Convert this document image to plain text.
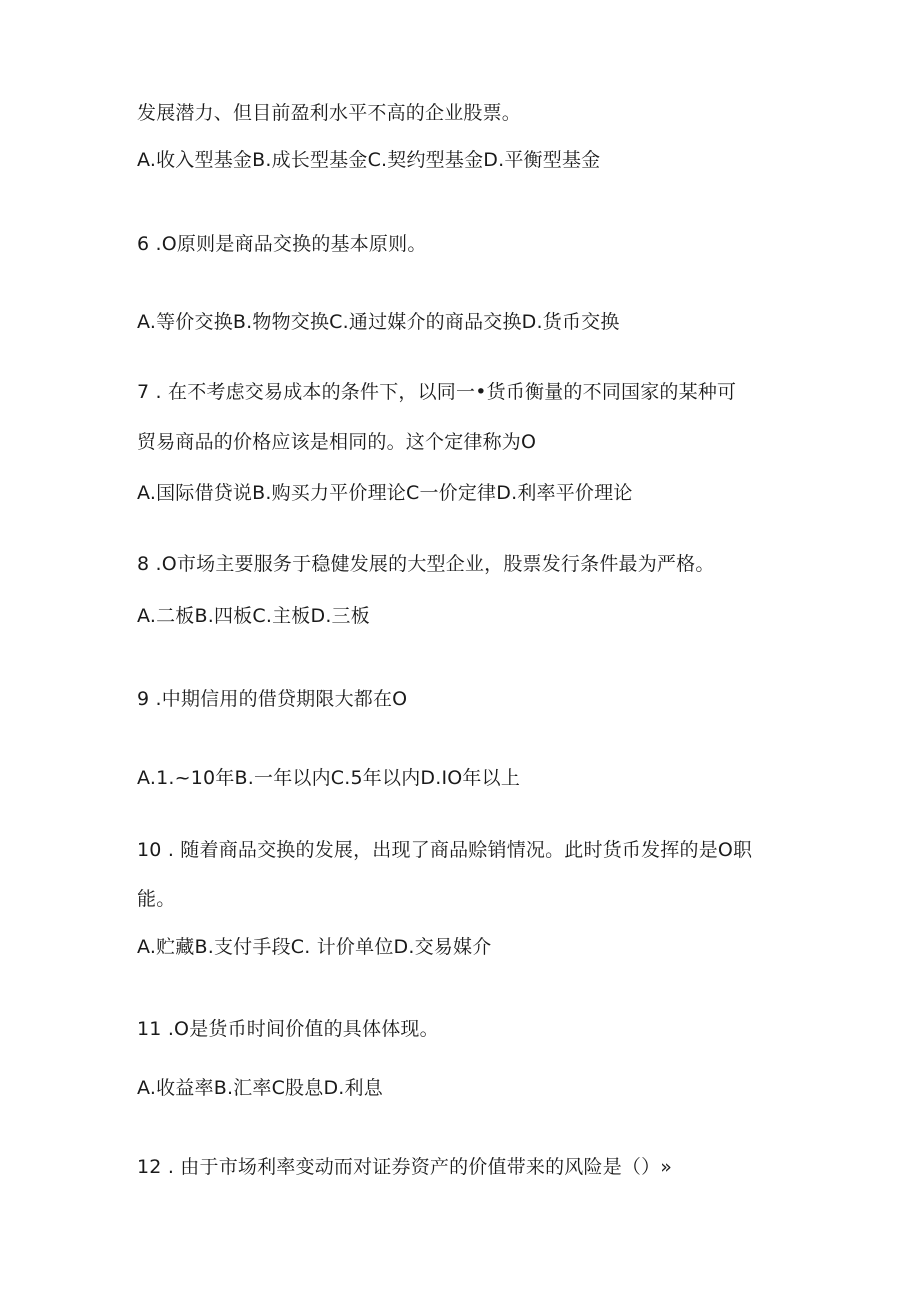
发展潜力、但目前盈利水平不高的企业股票。
A.收入型基金B.成长型基金C.契约型基金D.平衡型基金
6 .O原则是商品交换的基本原则。
A.等价交换B.物物交换C.通过媒介的商品交换D.货币交换
7 . 在不考虑交易成本的条件下，以同一•货币衡量的不同国家的某种可
贸易商品的价格应该是相同的。这个定律称为O
A.国际借贷说B.购买力平价理论C一价定律D.利率平价理论
8 .O市场主要服务于稳健发展的大型企业，股票发行条件最为严格。
A.二板B.四板C.主板D.三板
9 .中期信用的借贷期限大都在O
A.1.~10年B.一年以内C.5年以内D.IO年以上
10 . 随着商品交换的发展，出现了商品赊销情况。此时货币发挥的是O职
能。
A.贮藏B.支付手段C. 计价单位D.交易媒介
11 .O是货币时间价值的具体体现。
A.收益率B.汇率C股息D.利息
12 . 由于市场利率变动而对证券资产的价值带来的风险是（）»
